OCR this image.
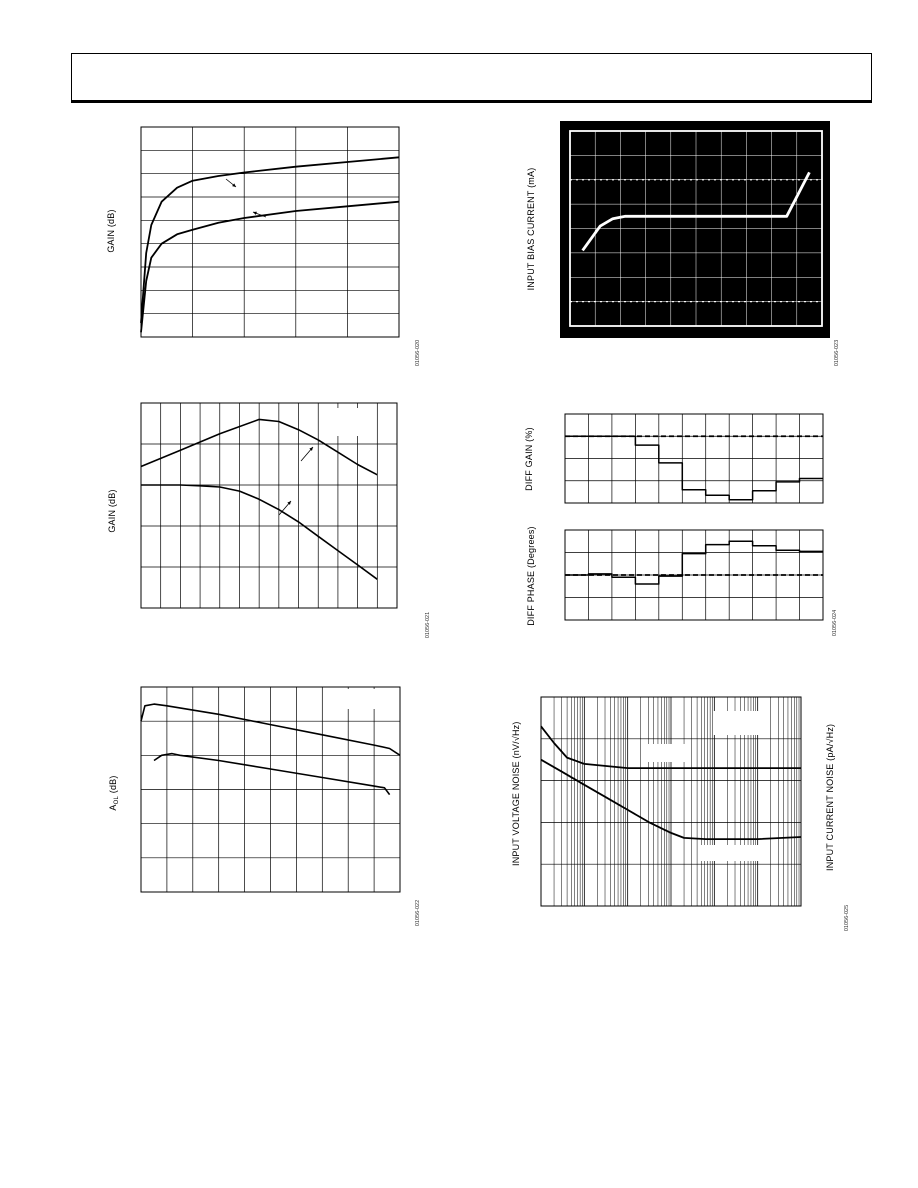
GAIN (dB)
01056-020
GAIN (dB)
01056-021
$A_{OL}$ (dB)
01056-022
INPUT BIAS CURRENT (mA)
01056-023
DIFF GAIN (%)
DIFF PHASE (Degrees)	01056-024
INPUT VOLTAGE NOISE (nV/√Hz)	INPUT CURRENT NOISE (pA/√Hz)
01056-025
